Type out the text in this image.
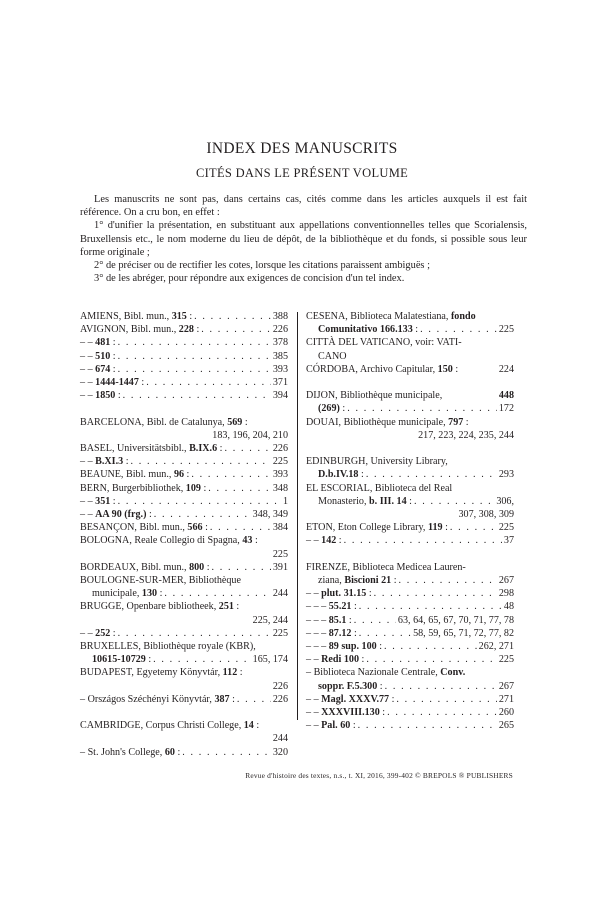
INDEX DES MANUSCRITS
CITÉS DANS LE PRÉSENT VOLUME

Les manuscrits ne sont pas, dans certains cas, cités comme dans les articles auxquels il est fait référence. On a cru bon, en effet :

1° d'unifier la présentation, en substituant aux appellations conventionnelles telles que Scorialensis, Bruxellensis etc., le nom moderne du lieu de dépôt, de la bibliothèque et du fonds, si possible sous leur forme originale ;

2° de préciser ou de rectifier les cotes, lorsque les citations paraissent ambiguës ;

3° de les abréger, pour répondre aux exigences de concision d'un tel index.

AMIENS, Bibl. mun., 315 : . . .	388
AVIGNON, Bibl. mun., 228 : . . .	226
– – 481 : . . .	378
– – 510 : . . .	385
– – 674 : . . .	393
– – 1444-1447 : . . .	371
– – 1850 : . . .	394
BARCELONA, Bibl. de Catalunya, 569 :
183, 196, 204, 210
BASEL, Universitätsbibl., B.IX.6 : . . .	226
– – B.XI.3 : . . .	225
BEAUNE, Bibl. mun., 96 : . . .	393
BERN, Burgerbibliothek, 109 : . . .	348
– – 351 : . . .	1
– – AA 90 (frg.) : . . .	348, 349
BESANÇON, Bibl. mun., 566 : . . .	384
BOLOGNA, Reale Collegio di Spagna, 43 :
225
BORDEAUX, Bibl. mun., 800 : . . .	391
BOULOGNE-SUR-MER, Bibliothèque
municipale, 130 : . . .	244
BRUGGE, Openbare bibliotheek, 251 :
225, 244
– – 252 : . . .	225
BRUXELLES, Bibliothèque royale (KBR),
10615-10729 : . . .	165, 174
BUDAPEST, Egyetemy Könyvtár, 112 :
226
– Országos Széchényi Könyvtár, 387 : . . .	226
CAMBRIDGE, Corpus Christi College, 14 :
244
– St. John's College, 60 : . . .	320
CESENA, Biblioteca Malatestiana, fondo
Comunitativo 166.133 : . . .	225
CITTÀ DEL VATICANO, voir: VATI-
CANO
CÓRDOBA, Archivo Capitular, 150 :	224
DIJON, Bibliothèque municipale,	448
(269) : . . .	172
DOUAI, Bibliothèque municipale, 797 :
217, 223, 224, 235, 244
EDINBURGH, University Library,
D.b.IV.18 : . . .	293
EL ESCORIAL, Biblioteca del Real
Monasterio, b. III. 14 : . . .	306,
307, 308, 309
ETON, Eton College Library, 119 : . . .	225
– – 142 : . . .	37
FIRENZE, Biblioteca Medicea Lauren-
ziana, Biscioni 21 : . . .	267
– – plut. 31.15 : . . .	298
– – – 55.21 : . . .	48
– – – 85.1 : . . .	63, 64, 65, 67, 70, 71, 77, 78
– – – 87.12 : . . .	58, 59, 65, 71, 72, 77, 82
– – – 89 sup. 100 : . . .	262, 271
– – Redi 100 : . . .	225
– Biblioteca Nazionale Centrale, Conv.
soppr. F.5.300 : . . .	267
– – Magl. XXXV.77 : . . .	271
– – XXXVIII.130 : . . .	260
– – Pal. 60 : . . .	265
Revue d'histoire des textes, n.s., t. XI, 2016, 399-402 © BREPOLS ® PUBLISHERS
